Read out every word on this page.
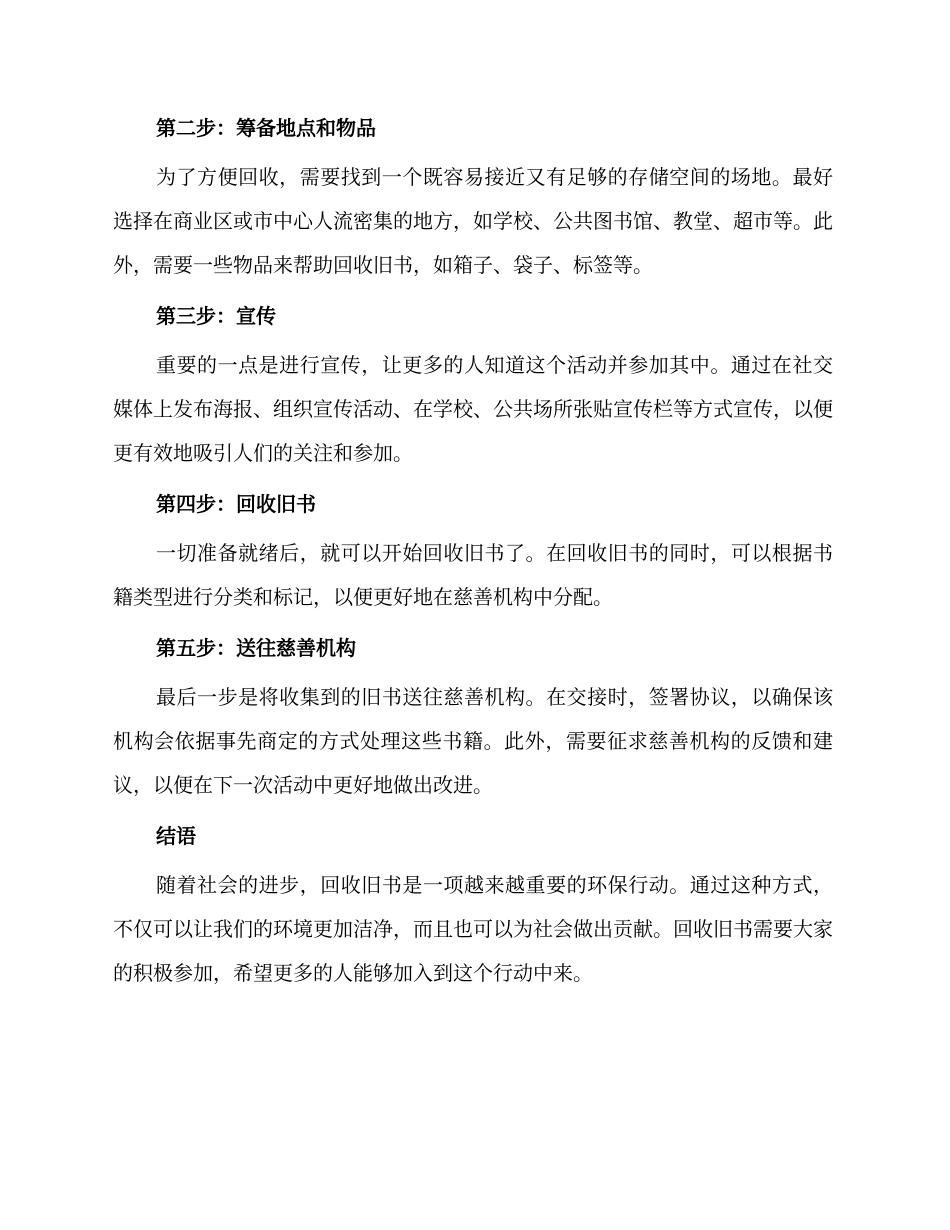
第二步：筹备地点和物品

为了方便回收，需要找到一个既容易接近又有足够的存储空间的场地。最好选择在商业区或市中心人流密集的地方，如学校、公共图书馆、教堂、超市等。此外，需要一些物品来帮助回收旧书，如箱子、袋子、标签等。

第三步：宣传

重要的一点是进行宣传，让更多的人知道这个活动并参加其中。通过在社交媒体上发布海报、组织宣传活动、在学校、公共场所张贴宣传栏等方式宣传，以便更有效地吸引人们的关注和参加。

第四步：回收旧书

一切准备就绪后，就可以开始回收旧书了。在回收旧书的同时，可以根据书籍类型进行分类和标记，以便更好地在慈善机构中分配。

第五步：送往慈善机构

最后一步是将收集到的旧书送往慈善机构。在交接时，签署协议，以确保该机构会依据事先商定的方式处理这些书籍。此外，需要征求慈善机构的反馈和建议，以便在下一次活动中更好地做出改进。

结语

随着社会的进步，回收旧书是一项越来越重要的环保行动。通过这种方式，不仅可以让我们的环境更加洁净，而且也可以为社会做出贡献。回收旧书需要大家的积极参加，希望更多的人能够加入到这个行动中来。
